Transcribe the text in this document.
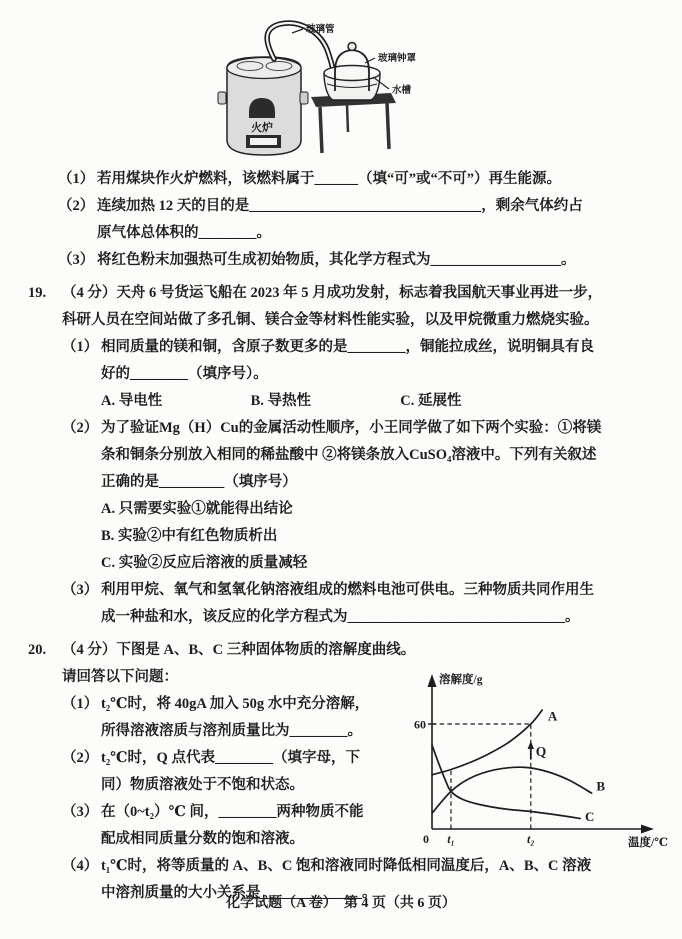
火炉
玻璃管
玻璃钟罩
水槽
（1） 若用煤块作火炉燃料，该燃料属于______（填“可”或“不可”）再生能源。
（2） 连续加热 12 天的目的是________________________________，剩余气体约占
原气体总体积的________。
（3） 将红色粉末加强热可生成初始物质，其化学方程式为__________________。
19.	（4 分）天舟 6 号货运飞船在 2023 年 5 月成功发射，标志着我国航天事业再进一步，
科研人员在空间站做了多孔铜、镁合金等材料性能实验，以及甲烷微重力燃烧实验。
（1） 相同质量的镁和铜，含原子数更多的是________，铜能拉成丝，说明铜具有良
好的________（填序号）。
A. 导电性	B. 导热性	C. 延展性
（2） 为了验证Mg（H）Cu的金属活动性顺序，小王同学做了如下两个实验：①将镁
条和铜条分别放入相同的稀盐酸中 ②将镁条放入CuSO₄溶液中。下列有关叙述
正确的是_________（填序号）
A. 只需要实验①就能得出结论
B. 实验②中有红色物质析出
C. 实验②反应后溶液的质量减轻
（3） 利用甲烷、氧气和氢氧化钠溶液组成的燃料电池可供电。三种物质共同作用生
成一种盐和水，该反应的化学方程式为______________________________。
20.	（4 分）下图是 A、B、C 三种固体物质的溶解度曲线。
请回答以下问题：
（1） t₂℃时，将 40gA 加入 50g 水中充分溶解，
所得溶液溶质与溶剂质量比为________。
（2） t₂℃时，Q 点代表________（填字母，下
同）物质溶液处于不饱和状态。
（3） 在（0~t₂）℃ 间，________两种物质不能
配成相同质量分数的饱和溶液。
A
B
C
60
0 t₁	t₂
溶解度/g
温度/℃
Q
（4） t₁℃时，将等质量的 A、B、C 饱和溶液同时降低相同温度后，A、B、C 溶液
中溶剂质量的大小关系是______________。
化学试题（A 卷）　第 4 页（共 6 页）
